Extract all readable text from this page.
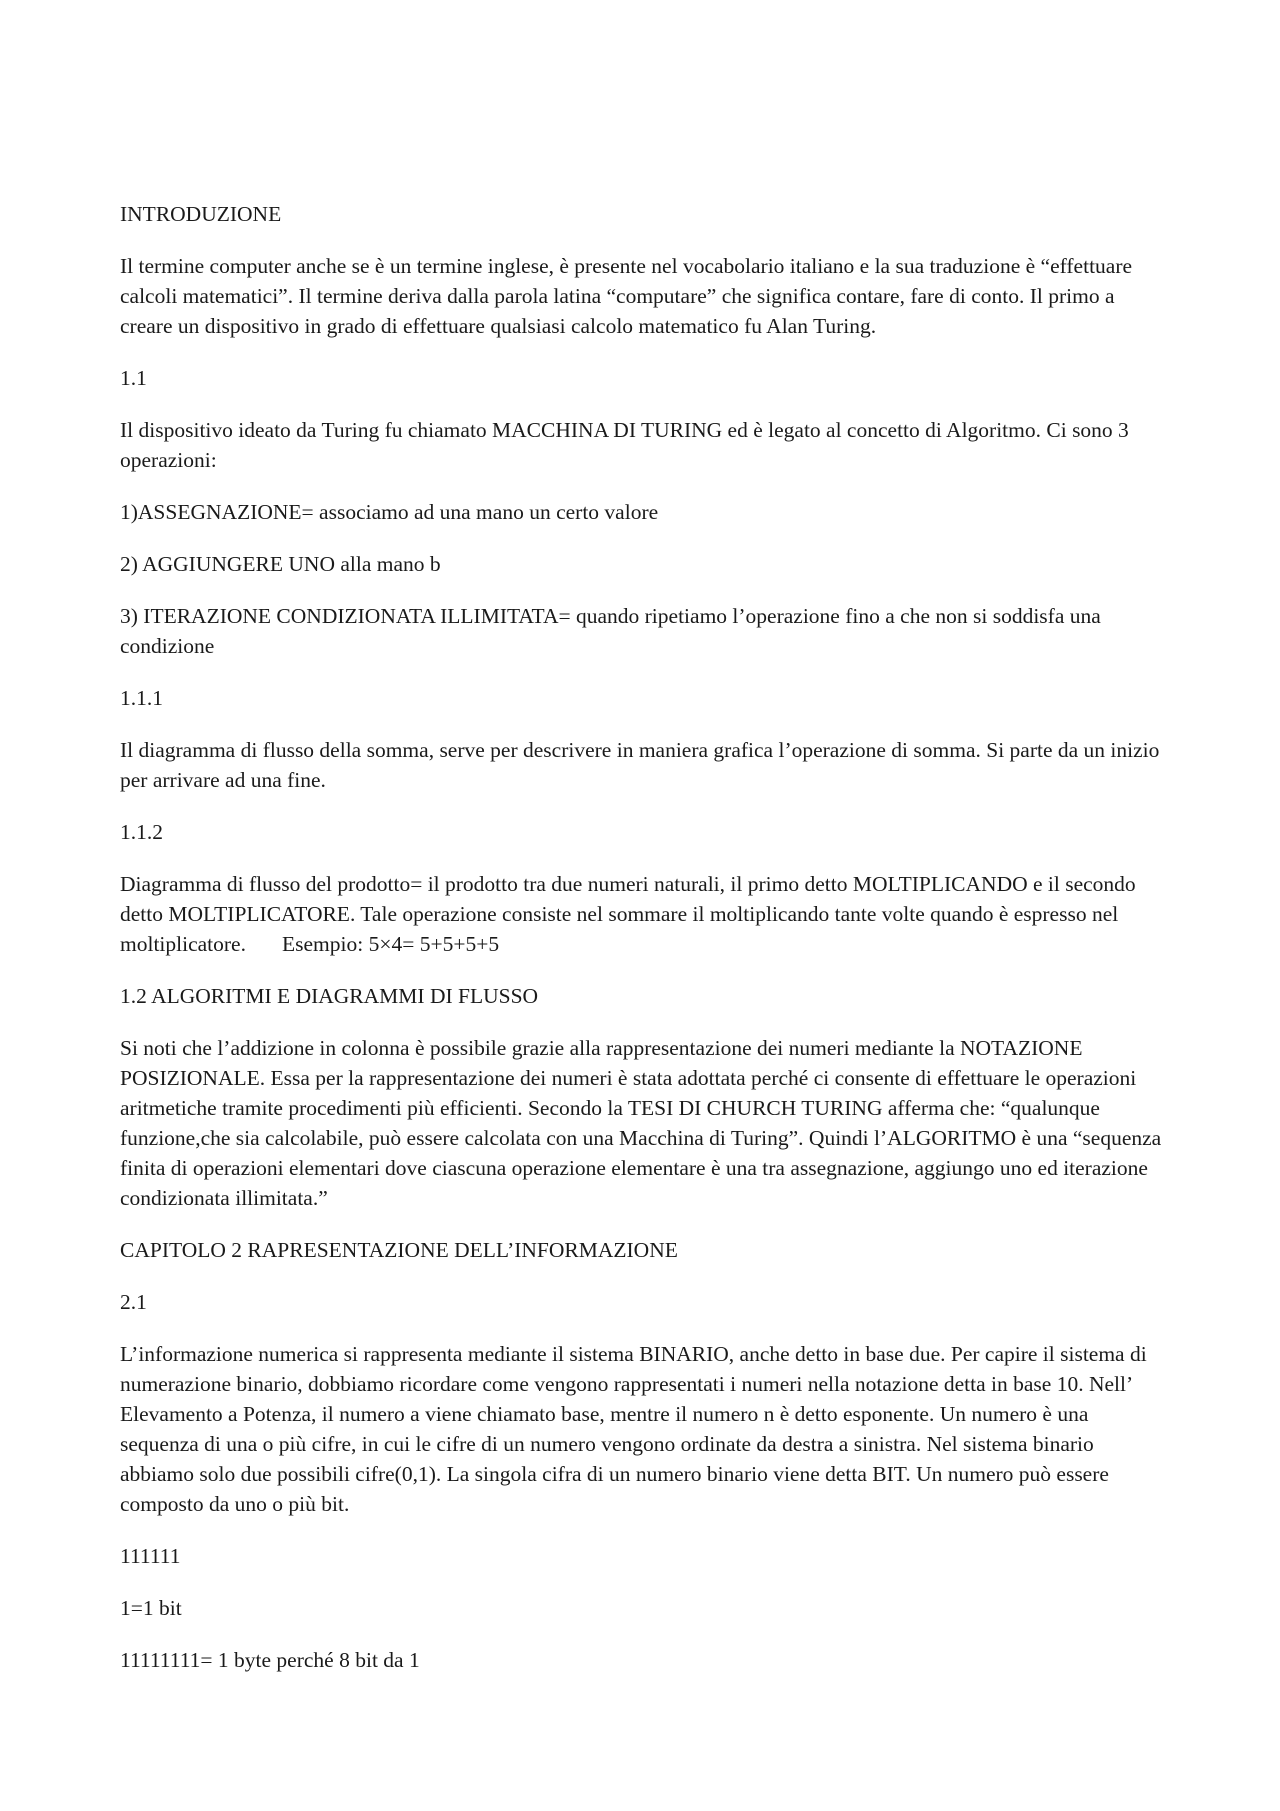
INTRODUZIONE

Il termine computer anche se è un termine inglese, è presente nel vocabolario italiano e la sua traduzione è “effettuare calcoli matematici”. Il termine deriva dalla parola latina “computare” che significa contare, fare di conto. Il primo a creare un dispositivo in grado di effettuare qualsiasi calcolo matematico fu Alan Turing.

1.1

Il dispositivo ideato da Turing fu chiamato MACCHINA DI TURING ed è legato al concetto di Algoritmo. Ci sono 3 operazioni:

1)ASSEGNAZIONE= associamo ad una mano un certo valore

2) AGGIUNGERE UNO alla mano b

3) ITERAZIONE CONDIZIONATA ILLIMITATA= quando ripetiamo l’operazione fino a che non si soddisfa una condizione

1.1.1

Il diagramma di flusso della somma, serve per descrivere in maniera grafica l’operazione di somma. Si parte da un inizio per arrivare ad una fine.

1.1.2

Diagramma di flusso del prodotto= il prodotto tra due numeri naturali, il primo detto MOLTIPLICANDO e il secondo detto MOLTIPLICATORE. Tale operazione consiste nel sommare il moltiplicando tante volte quando è espresso nel moltiplicatore. Esempio: 5×4= 5+5+5+5

1.2 ALGORITMI E DIAGRAMMI DI FLUSSO

Si noti che l’addizione in colonna è possibile grazie alla rappresentazione dei numeri mediante la NOTAZIONE POSIZIONALE. Essa per la rappresentazione dei numeri è stata adottata perché ci consente di effettuare le operazioni aritmetiche tramite procedimenti più efficienti. Secondo la TESI DI CHURCH TURING afferma che: “qualunque funzione,che sia calcolabile, può essere calcolata con una Macchina di Turing”. Quindi l’ALGORITMO è una “sequenza finita di operazioni elementari dove ciascuna operazione elementare è una tra assegnazione, aggiungo uno ed iterazione condizionata illimitata.”

CAPITOLO 2 RAPRESENTAZIONE DELL’INFORMAZIONE

2.1

L’informazione numerica si rappresenta mediante il sistema BINARIO, anche detto in base due. Per capire il sistema di numerazione binario, dobbiamo ricordare come vengono rappresentati i numeri nella notazione detta in base 10. Nell’ Elevamento a Potenza, il numero a viene chiamato base, mentre il numero n è detto esponente. Un numero è una sequenza di una o più cifre, in cui le cifre di un numero vengono ordinate da destra a sinistra. Nel sistema binario abbiamo solo due possibili cifre(0,1). La singola cifra di un numero binario viene detta BIT. Un numero può essere composto da uno o più bit.

111111

1=1 bit

11111111= 1 byte perché 8 bit da 1
